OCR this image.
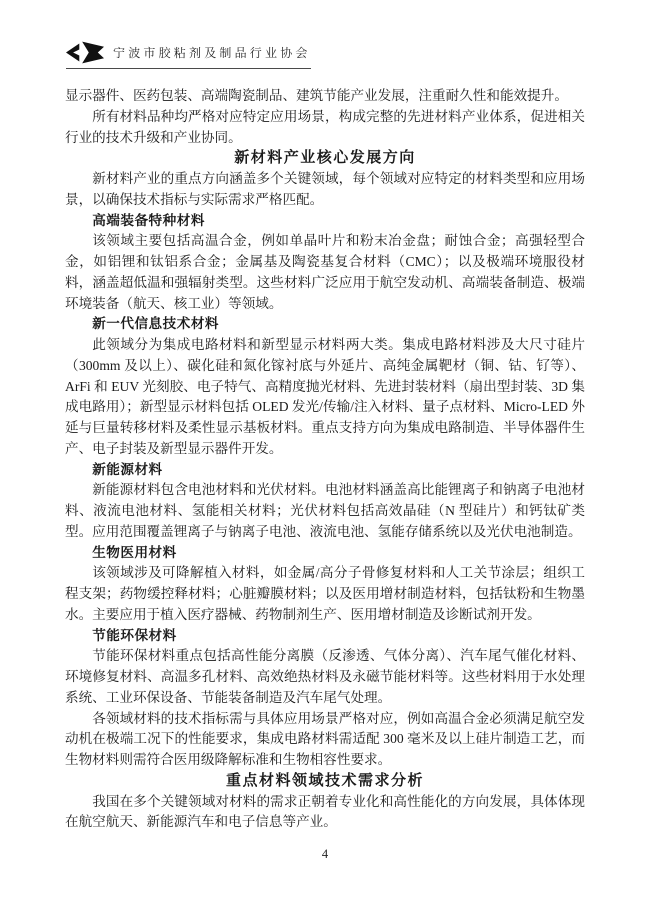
宁波市胶粘剂及制品行业协会

显示器件、医药包装、高端陶瓷制品、建筑节能产业发展，注重耐久性和能效提升。

所有材料品种均严格对应特定应用场景，构成完整的先进材料产业体系，促进相关行业的技术升级和产业协同。

新材料产业核心发展方向

新材料产业的重点方向涵盖多个关键领域，每个领域对应特定的材料类型和应用场景，以确保技术指标与实际需求严格匹配。

高端装备特种材料

该领域主要包括高温合金，例如单晶叶片和粉末冶金盘；耐蚀合金；高强轻型合金，如铝锂和钛铝系合金；金属基及陶瓷基复合材料（CMC）；以及极端环境服役材料，涵盖超低温和强辐射类型。这些材料广泛应用于航空发动机、高端装备制造、极端环境装备（航天、核工业）等领域。

新一代信息技术材料

此领域分为集成电路材料和新型显示材料两大类。集成电路材料涉及大尺寸硅片（300mm 及以上）、碳化硅和氮化镓衬底与外延片、高纯金属靶材（铜、钴、钌等）、ArFi 和 EUV 光刻胶、电子特气、高精度抛光材料、先进封装材料（扇出型封装、3D 集成电路用）；新型显示材料包括 OLED 发光/传输/注入材料、量子点材料、Micro-LED 外延与巨量转移材料及柔性显示基板材料。重点支持方向为集成电路制造、半导体器件生产、电子封装及新型显示器件开发。

新能源材料

新能源材料包含电池材料和光伏材料。电池材料涵盖高比能锂离子和钠离子电池材料、液流电池材料、氢能相关材料；光伏材料包括高效晶硅（N 型硅片）和钙钛矿类型。应用范围覆盖锂离子与钠离子电池、液流电池、氢能存储系统以及光伏电池制造。

生物医用材料

该领域涉及可降解植入材料，如金属/高分子骨修复材料和人工关节涂层；组织工程支架；药物缓控释材料；心脏瓣膜材料；以及医用增材制造材料，包括钛粉和生物墨水。主要应用于植入医疗器械、药物制剂生产、医用增材制造及诊断试剂开发。

节能环保材料

节能环保材料重点包括高性能分离膜（反渗透、气体分离）、汽车尾气催化材料、环境修复材料、高温多孔材料、高效绝热材料及永磁节能材料等。这些材料用于水处理系统、工业环保设备、节能装备制造及汽车尾气处理。

各领域材料的技术指标需与具体应用场景严格对应，例如高温合金必须满足航空发动机在极端工况下的性能要求，集成电路材料需适配 300 毫米及以上硅片制造工艺，而生物材料则需符合医用级降解标准和生物相容性要求。

重点材料领域技术需求分析

我国在多个关键领域对材料的需求正朝着专业化和高性能化的方向发展，具体体现在航空航天、新能源汽车和电子信息等产业。

4
